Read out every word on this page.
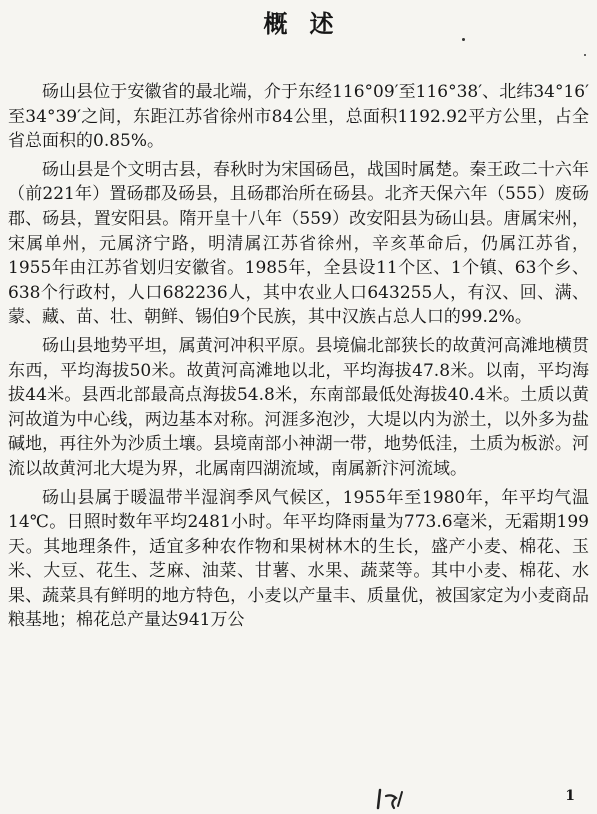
概述

砀山县位于安徽省的最北端，介于东经116°09′至116°38′、北纬34°16′至34°39′之间，东距江苏省徐州市84公里，总面积1192.92平方公里，占全省总面积的0.85%。

砀山县是个文明古县，春秋时为宋国砀邑，战国时属楚。秦王政二十六年（前221年）置砀郡及砀县，且砀郡治所在砀县。北齐天保六年（555）废砀郡、砀县，置安阳县。隋开皇十八年（559）改安阳县为砀山县。唐属宋州，宋属单州，元属济宁路，明清属江苏省徐州，辛亥革命后，仍属江苏省，1955年由江苏省划归安徽省。1985年，全县设11个区、1个镇、63个乡、638个行政村，人口682236人，其中农业人口643255人，有汉、回、满、蒙、藏、苗、壮、朝鲜、锡伯9个民族，其中汉族占总人口的99.2%。

砀山县地势平坦，属黄河冲积平原。县境偏北部狭长的故黄河高滩地横贯东西，平均海拔50米。故黄河高滩地以北，平均海拔47.8米。以南，平均海拔44米。县西北部最高点海拔54.8米，东南部最低处海拔40.4米。土质以黄河故道为中心线，两边基本对称。河涯多泡沙，大堤以内为淤土，以外多为盐碱地，再往外为沙质土壤。县境南部小神湖一带，地势低洼，土质为板淤。河流以故黄河北大堤为界，北属南四湖流域，南属新汴河流域。

砀山县属于暖温带半湿润季风气候区，1955年至1980年，年平均气温14℃。日照时数年平均2481小时。年平均降雨量为773.6毫米，无霜期199天。其地理条件，适宜多种农作物和果树林木的生长，盛产小麦、棉花、玉米、大豆、花生、芝麻、油菜、甘薯、水果、蔬菜等。其中小麦、棉花、水果、蔬菜具有鲜明的地方特色，小麦以产量丰、质量优，被国家定为小麦商品粮基地；棉花总产量达941万公

1
